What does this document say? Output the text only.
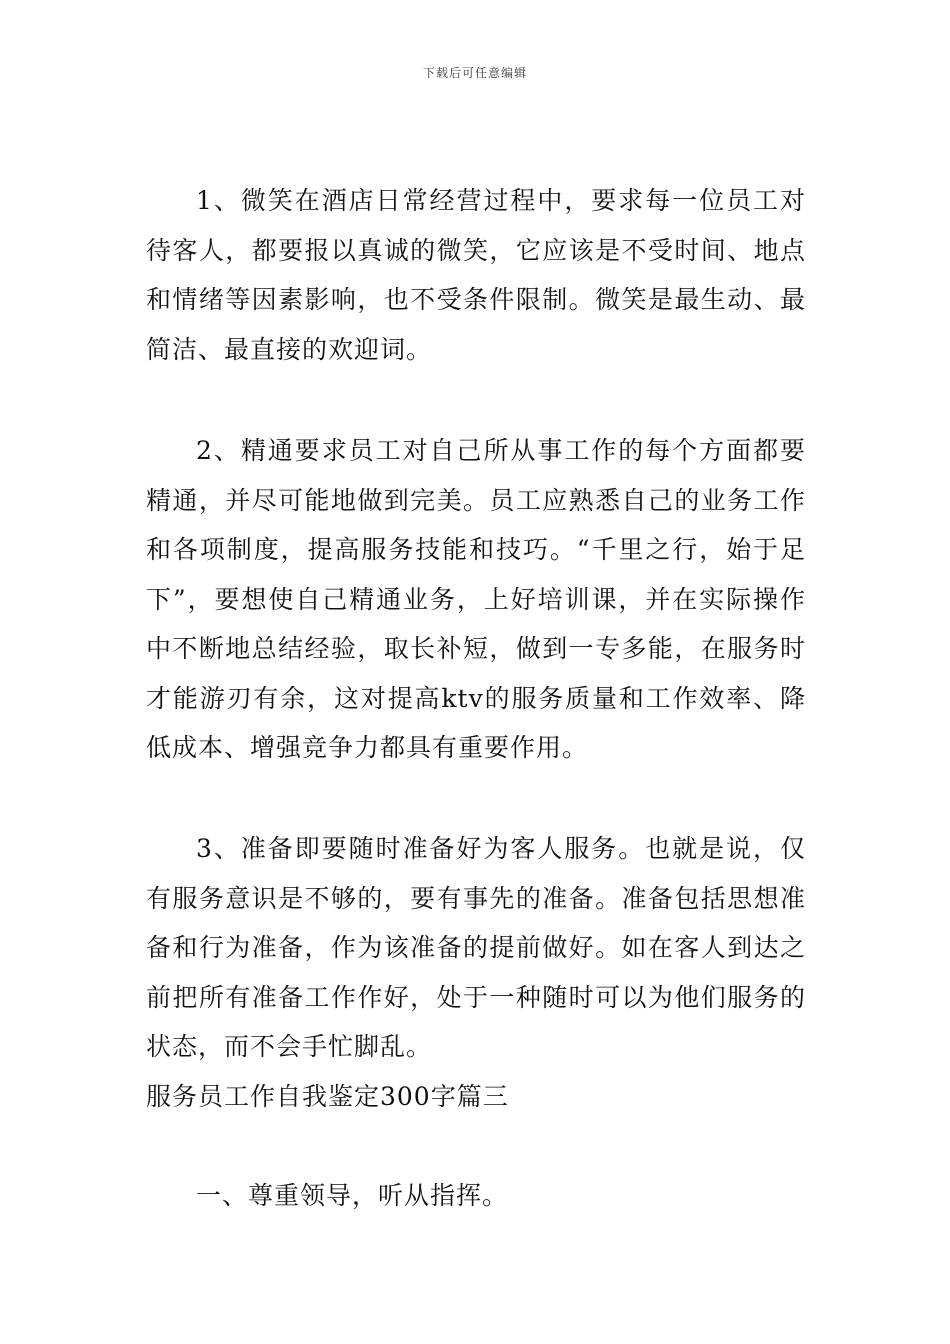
下载后可任意编辑

1、微笑在酒店日常经营过程中，要求每一位员工对待客人，都要报以真诚的微笑，它应该是不受时间、地点和情绪等因素影响，也不受条件限制。微笑是最生动、最简洁、最直接的欢迎词。

2、精通要求员工对自己所从事工作的每个方面都要精通，并尽可能地做到完美。员工应熟悉自己的业务工作和各项制度，提高服务技能和技巧。“千里之行，始于足下”，要想使自己精通业务，上好培训课，并在实际操作中不断地总结经验，取长补短，做到一专多能，在服务时才能游刃有余，这对提高ktv的服务质量和工作效率、降低成本、增强竞争力都具有重要作用。

3、准备即要随时准备好为客人服务。也就是说，仅有服务意识是不够的，要有事先的准备。准备包括思想准备和行为准备，作为该准备的提前做好。如在客人到达之前把所有准备工作作好，处于一种随时可以为他们服务的状态，而不会手忙脚乱。

服务员工作自我鉴定300字篇三

一、尊重领导，听从指挥。
